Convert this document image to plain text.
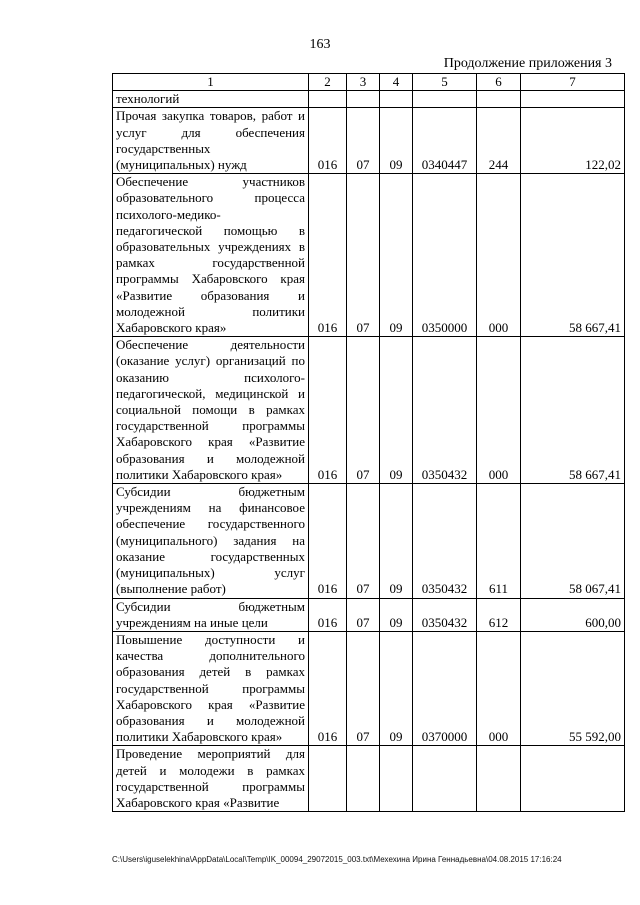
163
Продолжение приложения 3
1	2	3	4	5	6	7
технологий						
Прочая закупка товаров, работ и услуг для обеспечения государственных (муниципальных) нужд	016	07	09	0340447	244	122,02
Обеспечение участников образовательного процесса психолого-медико-педагогической помощью в образовательных учреждениях в рамках государственной программы Хабаровского края «Развитие образования и молодежной политики Хабаровского края»	016	07	09	0350000	000	58 667,41
Обеспечение деятельности (оказание услуг) организаций по оказанию психолого-педагогической, медицинской и социальной помощи в рамках государственной программы Хабаровского края «Развитие образования и молодежной политики Хабаровского края»	016	07	09	0350432	000	58 667,41
Субсидии бюджетным учреждениям на финансовое обеспечение государственного (муниципального) задания на оказание государственных (муниципальных) услуг (выполнение работ)	016	07	09	0350432	611	58 067,41
Субсидии бюджетным учреждениям на иные цели	016	07	09	0350432	612	600,00
Повышение доступности и качества дополнительного образования детей в рамках государственной программы Хабаровского края «Развитие образования и молодежной политики Хабаровского края»	016	07	09	0370000	000	55 592,00
Проведение мероприятий для детей и молодежи в рамках государственной программы Хабаровского края «Развитие						
C:\Users\iguselekhina\AppData\Local\Temp\IK_00094_29072015_003.txt\Мехехина Ирина Геннадьевна\04.08.2015 17:16:24
